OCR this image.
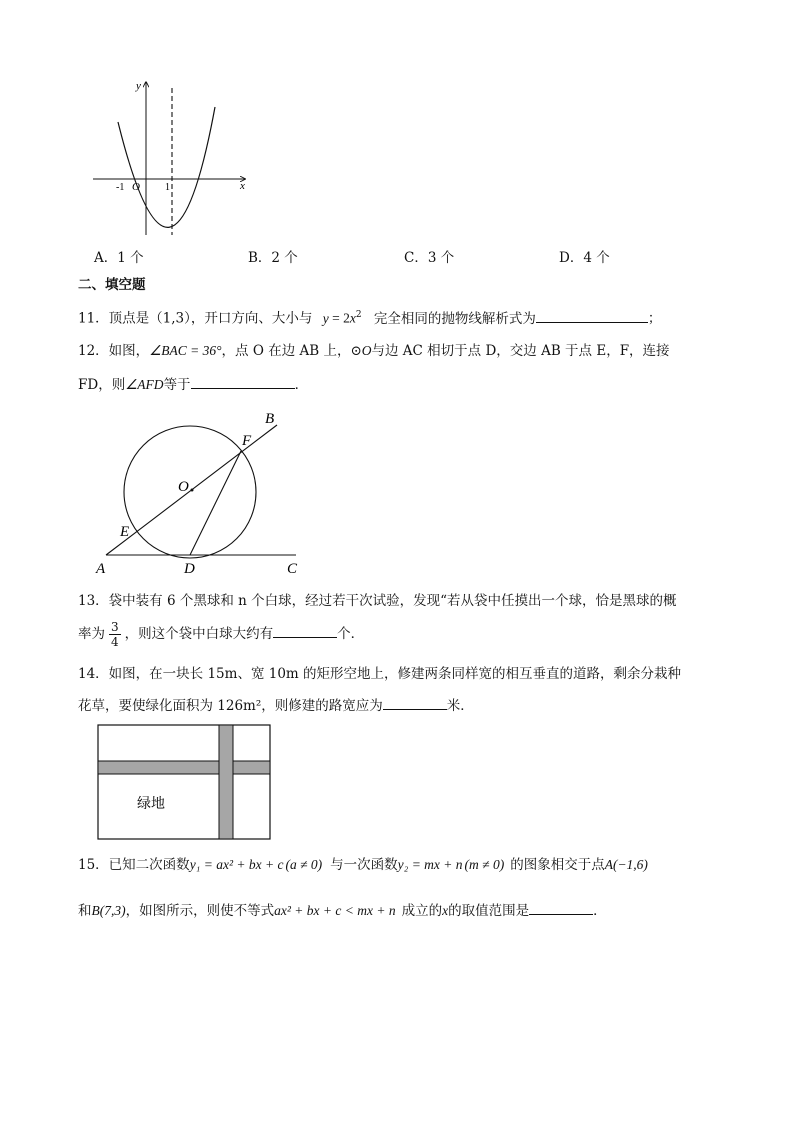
y
x
O
-1	1
A．1 个	B．2 个	C．3 个	D．4 个
二、填空题
11．顶点是（1,3），开口方向、大小与 $y = 2x^2$ 完全相同的抛物线解析式为	；
12．如图，∠BAC = 36°，点 O 在边 AB 上，⊙O与边 AC 相切于点 D，交边 AB 于点 E，F，连接
FD，则∠AFD等于	．
B
F
O
E
A	D	C
13．袋中装有 6 个黑球和 n 个白球，经过若干次试验，发现“若从袋中任摸出一个球，恰是黑球的概
率为 $\frac{3}{4}$ ，则这个袋中白球大约有	个．
14．如图，在一块长 15m、宽 10m 的矩形空地上，修建两条同样宽的相互垂直的道路，剩余分栽种
花草，要使绿化面积为 126m²，则修建的路宽应为	米．
绿地
15．已知二次函数y₁ = ax² + bx + c (a ≠ 0) 与一次函数y₂ = mx + n (m ≠ 0) 的图象相交于点A(−1,6)
和B(7,3)，如图所示，则使不等式ax² + bx + c < mx + n 成立的x的取值范围是	．
